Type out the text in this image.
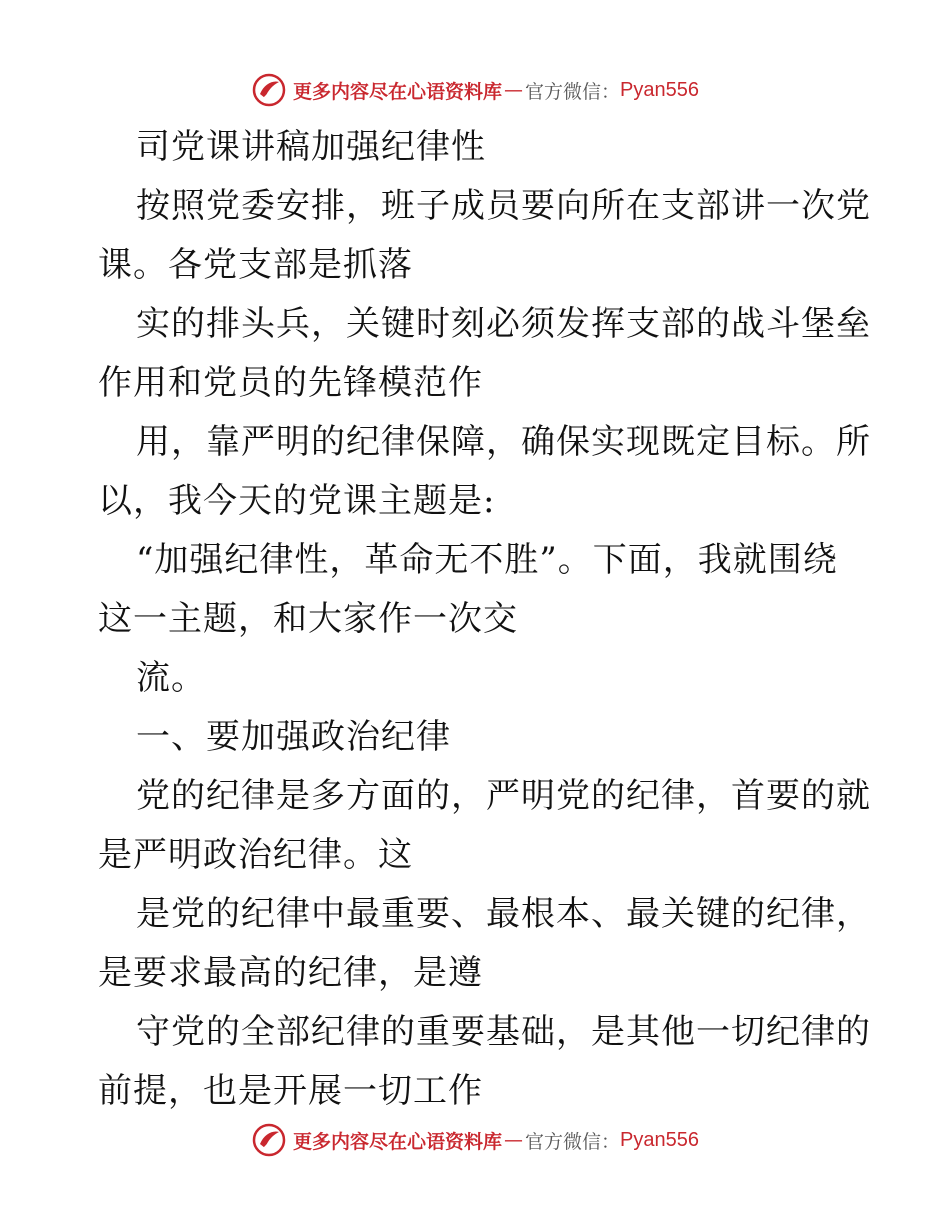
更多内容尽在心语资料库 — 官方微信： Pyan556
司党课讲稿加强纪律性
按照党委安排，班子成员要向所在支部讲一次党
课。各党支部是抓落
实的排头兵，关键时刻必须发挥支部的战斗堡垒
作用和党员的先锋模范作
用，靠严明的纪律保障，确保实现既定目标。所
以，我今天的党课主题是:
“加强纪律性，革命无不胜”。下面，我就围绕
这一主题，和大家作一次交
流。
一、要加强政治纪律
党的纪律是多方面的，严明党的纪律，首要的就
是严明政治纪律。这
是党的纪律中最重要、最根本、最关键的纪律，
是要求最高的纪律，是遵
守党的全部纪律的重要基础，是其他一切纪律的
前提，也是开展一切工作
更多内容尽在心语资料库 — 官方微信： Pyan556
